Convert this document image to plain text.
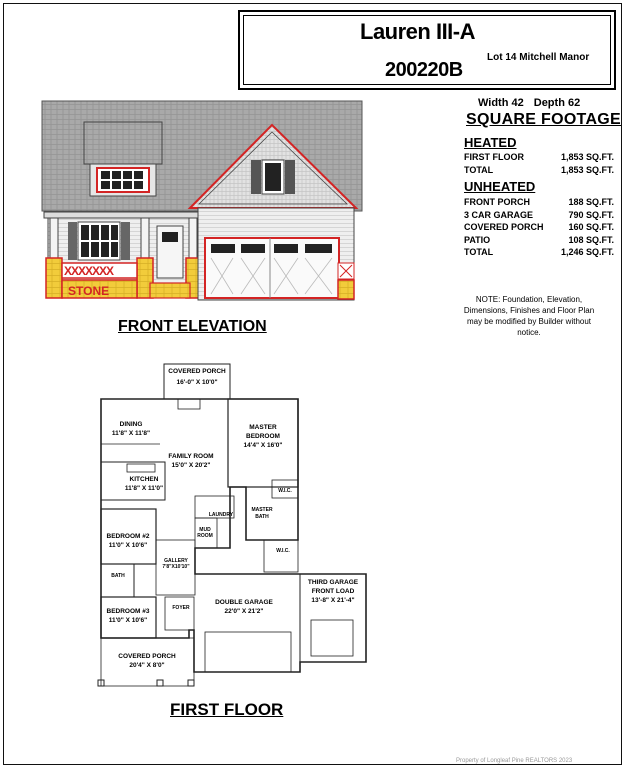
Lauren III-A
Lot 14 Mitchell Manor
200220B
Width 42 Depth 62
SQUARE FOOTAGE
HEATED
FIRST FLOOR	1,853 SQ.FT.
TOTAL	1,853 SQ.FT.
UNHEATED
FRONT PORCH	188 SQ.FT.
3 CAR GARAGE	790 SQ.FT.
COVERED PORCH	160 SQ.FT.
PATIO	108 SQ.FT.
TOTAL	1,246 SQ.FT.
NOTE: Foundation, Elevation, Dimensions, Finishes and Floor Plan may be modified by Builder without notice.
XXXXXXX
STONE
FRONT ELEVATION
COVERED PORCH
16'-0" X 10'0"
DINING
11'8" X 11'8"
FAMILY ROOM
15'0" X 20'2"
KITCHEN
11'8" X 11'0"
MASTER
BEDROOM
14'4" X 16'0"
W.I.C.
MASTER
BATH
LAUNDRY
MUD
ROOM
W.I.C.
BEDROOM #2
11'0" X 10'6"
BATH
GALLERY
7'8"X10'10"
BEDROOM #3
11'0" X 10'6"
FOYER
DOUBLE GARAGE
22'0" X 21'2"
THIRD GARAGE
FRONT LOAD
13'-8" X 21'-4"
COVERED PORCH
20'4" X 8'0"
FIRST FLOOR
Property of Longleaf Pine REALTORS 2023
